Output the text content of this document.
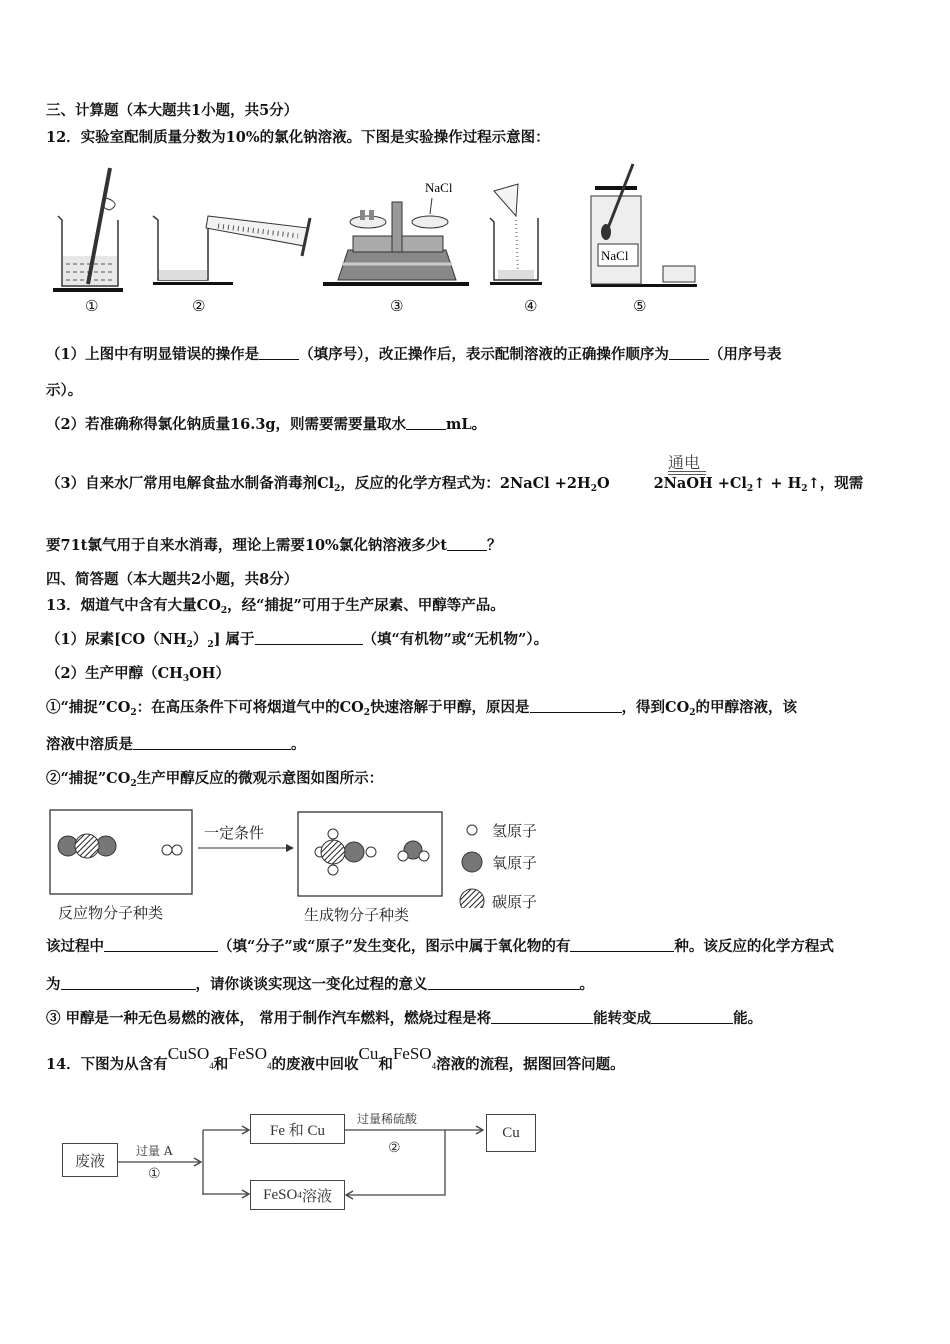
三、计算题（本大题共1小题，共5分）
12．实验室配制质量分数为10%的氯化钠溶液。下图是实验操作过程示意图：
NaCl
NaCl
①	②	③	④	⑤
（1）上图中有明显错误的操作是	（填序号），改正操作后，表示配制溶液的正确操作顺序为	（用序号表
示）。
（2）若准确称得氯化钠质量16.3g，则需要需要量取水	mL。
通电
（3）自来水厂常用电解食盐水制备消毒剂$Cl_2$，反应的化学方程式为：2NaCl $+2H_2O$	2NaOH $+Cl_2↑$ + $H_2↑$，现需
要71t氯气用于自来水消毒，理论上需要10%氯化钠溶液多少t	？
四、简答题（本大题共2小题，共8分）
13．烟道气中含有大量$CO_2$，经“捕捉”可用于生产尿素、甲醇等产品。
（1）尿素$[CO(NH_2)_2]$ 属于	（填“有机物”或“无机物”）。
（2）生产甲醇$(CH_3OH)$
①“捕捉$”CO_2$：在高压条件下可将烟道气中的$CO_2$快速溶解于甲醇，原因是	，得到$CO_2$的甲醇溶液，该
溶液中溶质是	。
②“捕捉$”CO_2$生产甲醇反应的微观示意图如图所示：
一定条件
反应物分子种类	生成物分子种类
氢原子
氧原子
碳原子
该过程中	（填“分子”或“原子”发生变化，图示中属于氧化物的有	种。该反应的化学方程式
为	，请你谈谈实现这一变化过程的意义	。
③ 甲醇是一种无色易燃的液体， 常用于制作汽车燃料，燃烧过程是将	能转变成	能。
14．下图为从含有CuSO$_4$和FeSO$_4$的废液中回收Cu和FeSO$_4$溶液的流程，据图回答问题。
废液
过量 A
①
Fe 和 Cu
过量稀硫酸
②
Cu
FeSO 4 溶液
